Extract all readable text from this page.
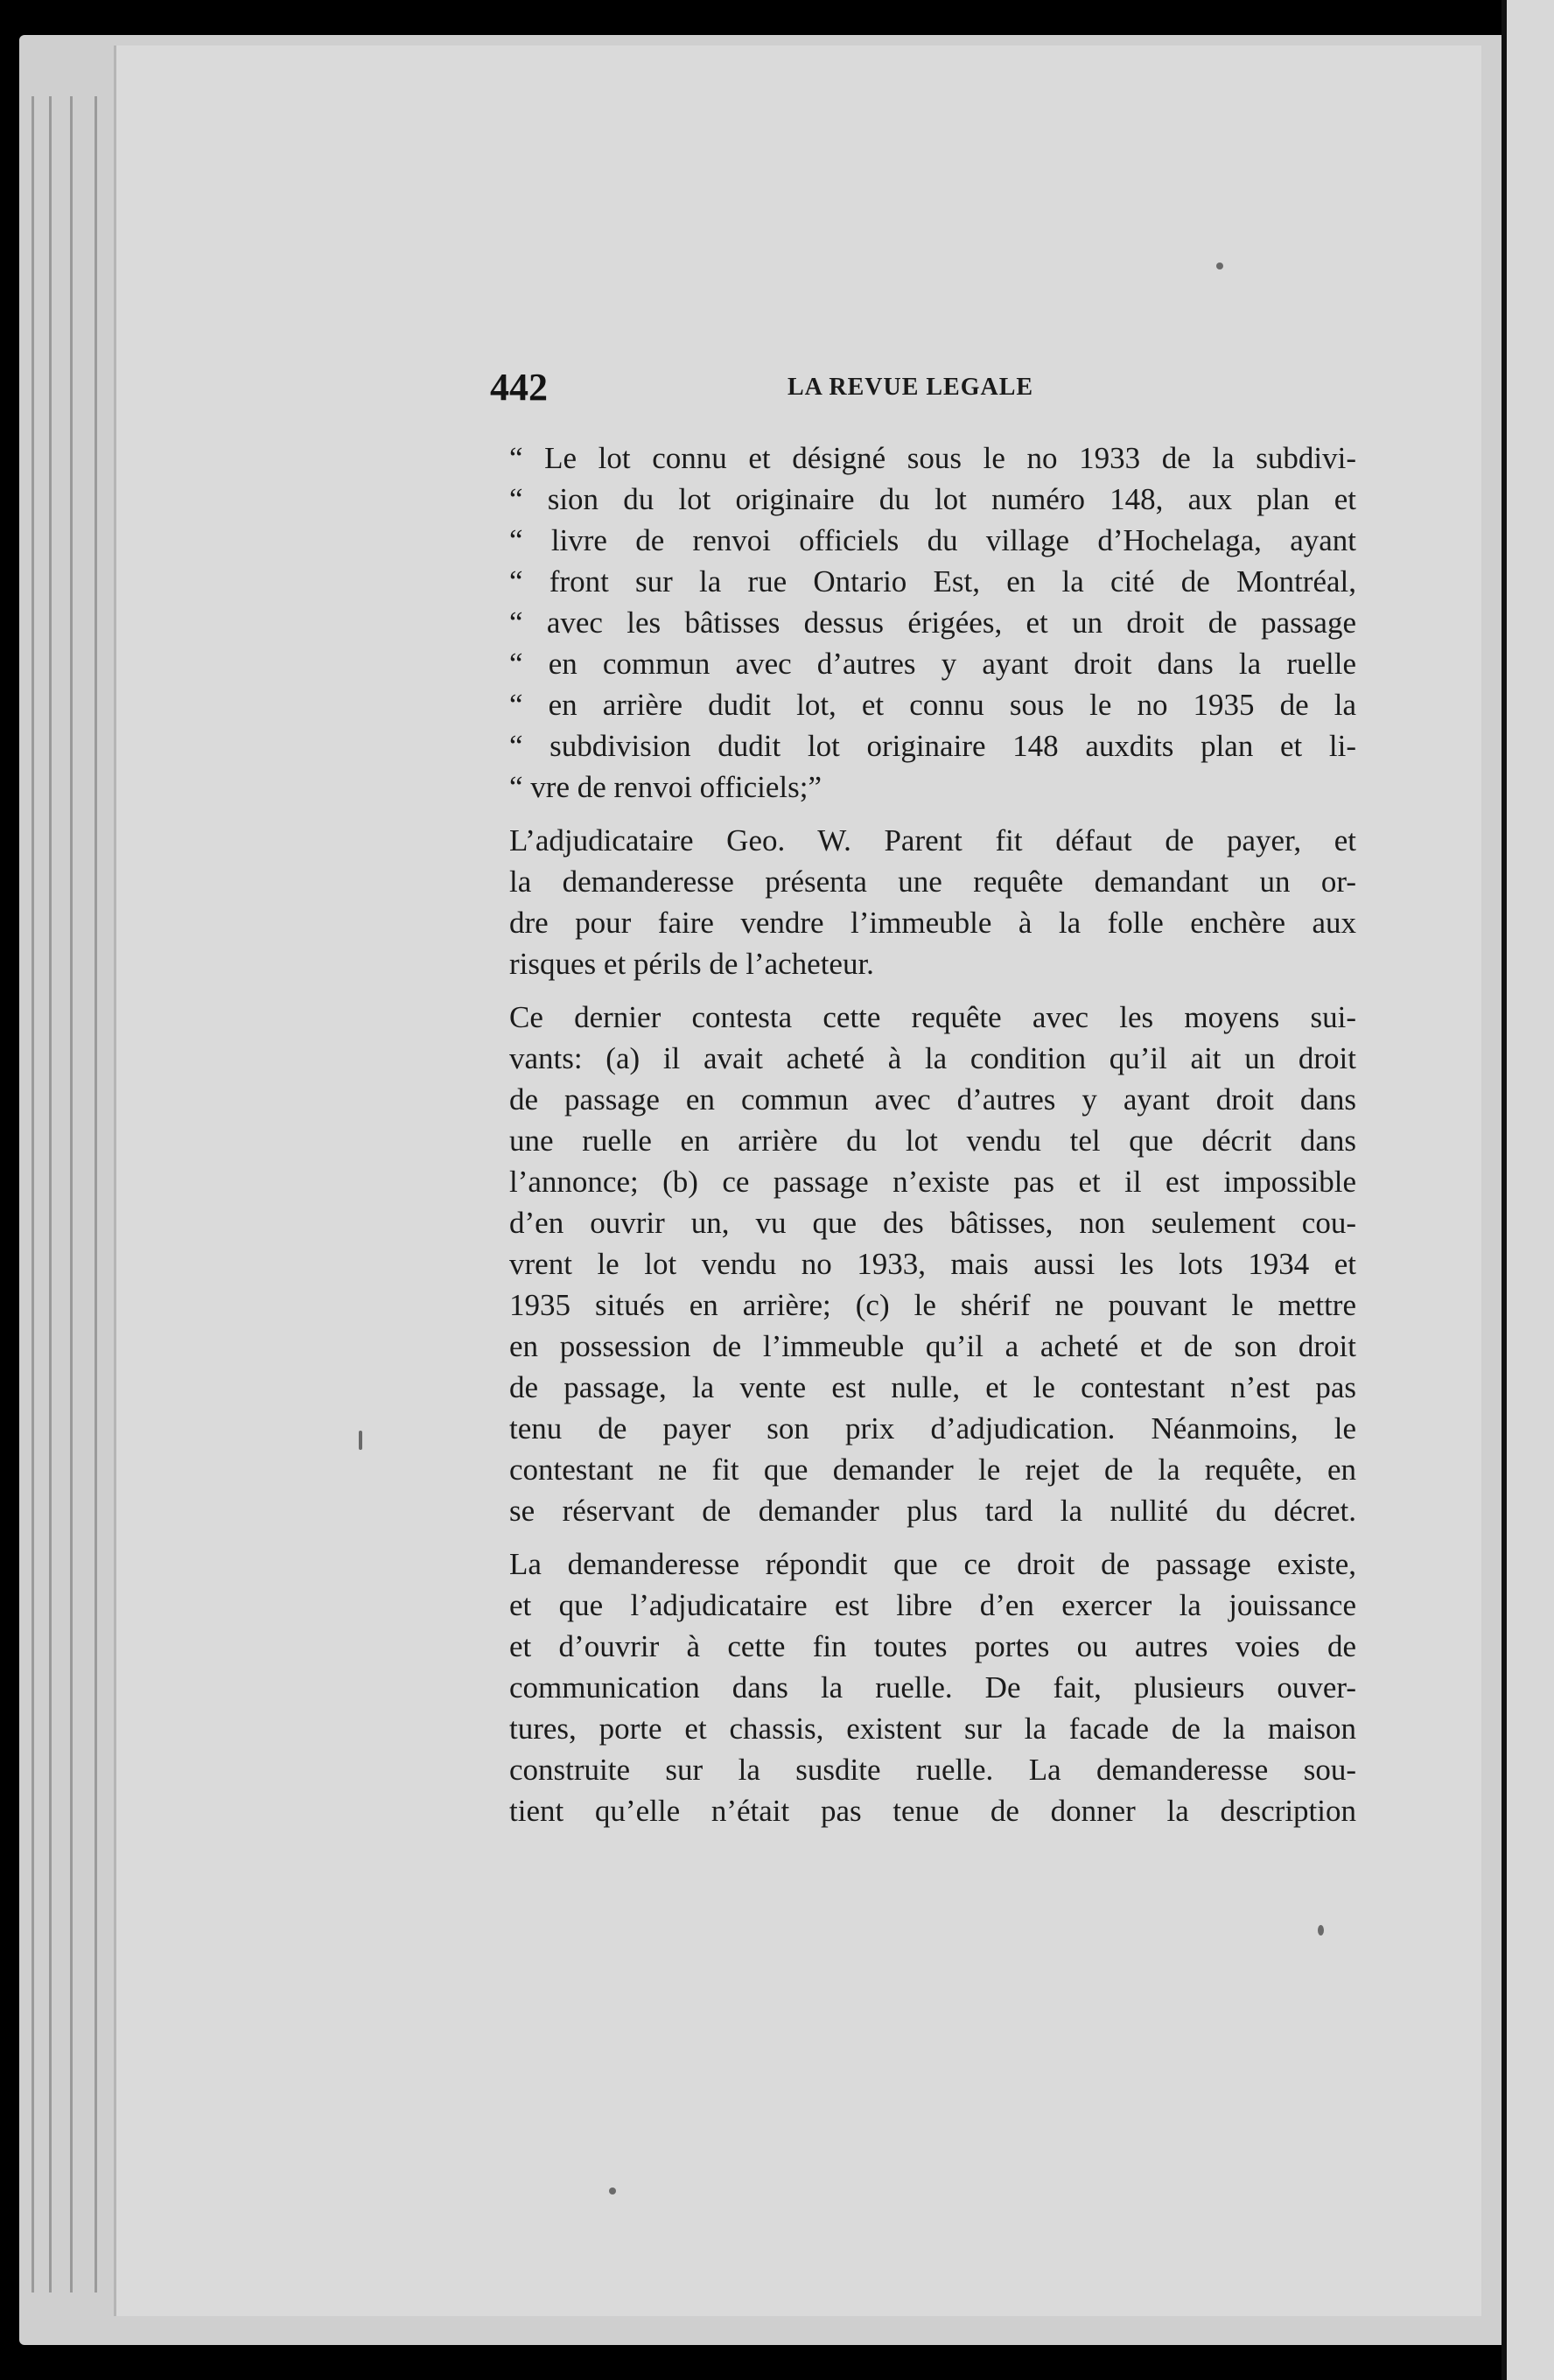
442	LA REVUE LEGALE
“ Le lot connu et désigné sous le no 1933 de la subdivi-
“ sion du lot originaire du lot numéro 148, aux plan et
“ livre de renvoi officiels du village d’Hochelaga, ayant
“ front sur la rue Ontario Est, en la cité de Montréal,
“ avec les bâtisses dessus érigées, et un droit de passage
“ en commun avec d’autres y ayant droit dans la ruelle
“ en arrière dudit lot, et connu sous le no 1935 de la
“ subdivision dudit lot originaire 148 auxdits plan et li-
“ vre de renvoi officiels;”
L’adjudicataire Geo. W. Parent fit défaut de payer, et
la demanderesse présenta une requête demandant un or-
dre pour faire vendre l’immeuble à la folle enchère aux
risques et périls de l’acheteur.
Ce dernier contesta cette requête avec les moyens sui-
vants: (a) il avait acheté à la condition qu’il ait un droit
de passage en commun avec d’autres y ayant droit dans
une ruelle en arrière du lot vendu tel que décrit dans
l’annonce; (b) ce passage n’existe pas et il est impossible
d’en ouvrir un, vu que des bâtisses, non seulement cou-
vrent le lot vendu no 1933, mais aussi les lots 1934 et
1935 situés en arrière; (c) le shérif ne pouvant le mettre
en possession de l’immeuble qu’il a acheté et de son droit
de passage, la vente est nulle, et le contestant n’est pas
tenu de payer son prix d’adjudication. Néanmoins, le
contestant ne fit que demander le rejet de la requête, en
se réservant de demander plus tard la nullité du décret.
La demanderesse répondit que ce droit de passage existe,
et que l’adjudicataire est libre d’en exercer la jouissance
et d’ouvrir à cette fin toutes portes ou autres voies de
communication dans la ruelle. De fait, plusieurs ouver-
tures, porte et chassis, existent sur la facade de la maison
construite sur la susdite ruelle. La demanderesse sou-
tient qu’elle n’était pas tenue de donner la description
